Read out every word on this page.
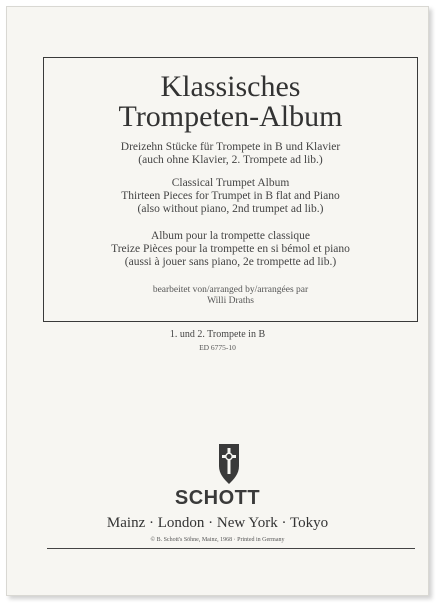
Klassisches
Trompeten-Album
Dreizehn Stücke für Trompete in B und Klavier
(auch ohne Klavier, 2. Trompete ad lib.)
Classical Trumpet Album
Thirteen Pieces for Trumpet in B flat and Piano
(also without piano, 2nd trumpet ad lib.)
Album pour la trompette classique
Treize Pièces pour la trompette en si bémol et piano
(aussi à jouer sans piano, 2e trompette ad lib.)
bearbeitet von/arranged by/arrangées par
Willi Draths
1. und 2. Trompete in B
ED 6775-10
SCHOTT
Mainz · London · New York · Tokyo
© B. Schott's Söhne, Mainz, 1968 · Printed in Germany
